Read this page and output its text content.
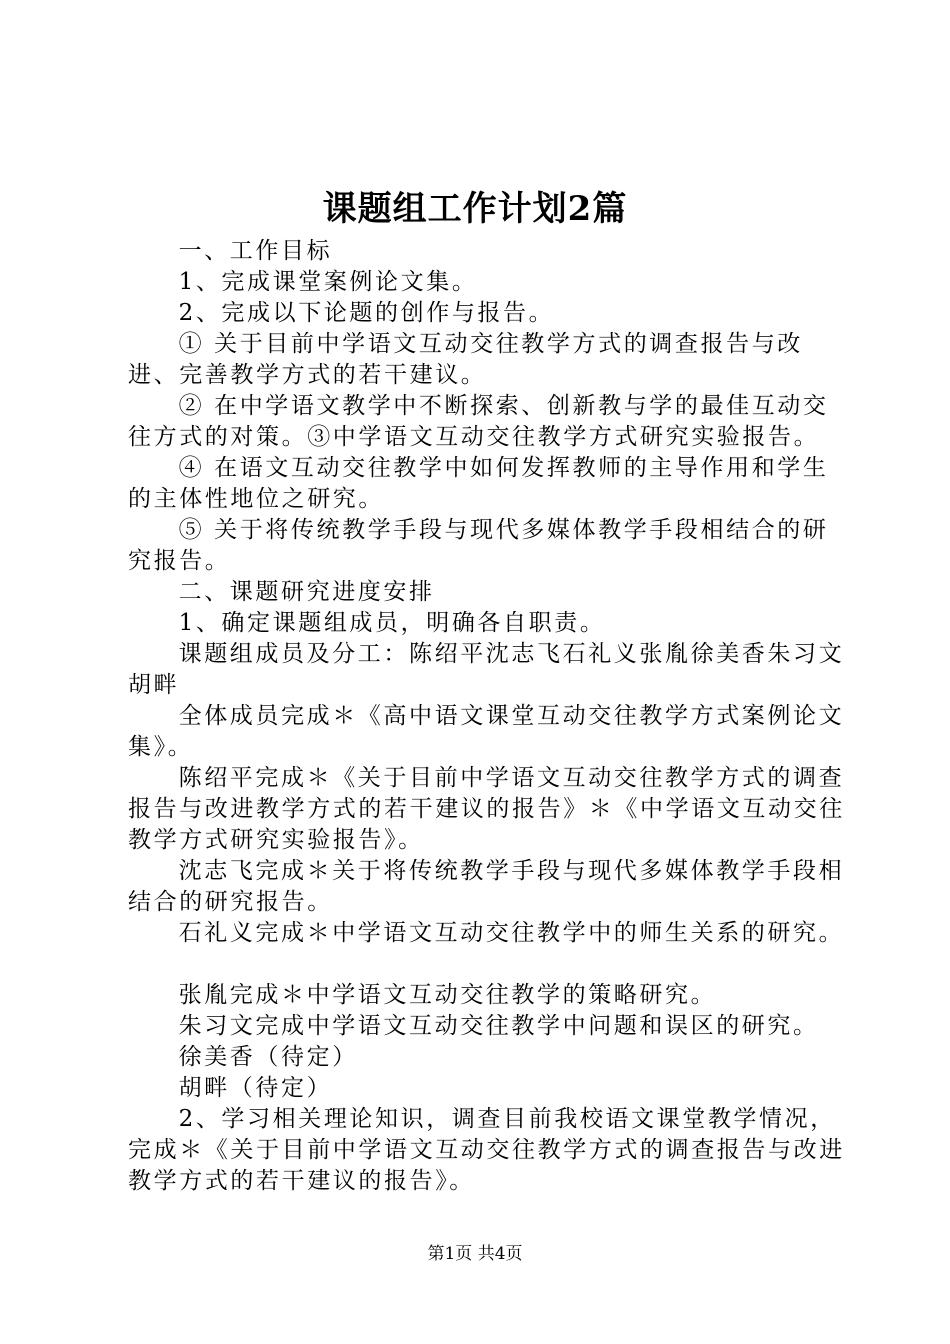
课题组工作计划2篇

一、工作目标

1、完成课堂案例论文集。

2、完成以下论题的创作与报告。

① 关于目前中学语文互动交往教学方式的调查报告与改进、完善教学方式的若干建议。

② 在中学语文教学中不断探索、创新教与学的最佳互动交往方式的对策。③中学语文互动交往教学方式研究实验报告。

④ 在语文互动交往教学中如何发挥教师的主导作用和学生的主体性地位之研究。

⑤ 关于将传统教学手段与现代多媒体教学手段相结合的研究报告。

二、课题研究进度安排

1、确定课题组成员，明确各自职责。

课题组成员及分工：陈绍平沈志飞石礼义张胤徐美香朱习文胡畔

全体成员完成＊《高中语文课堂互动交往教学方式案例论文集》。

陈绍平完成＊《关于目前中学语文互动交往教学方式的调查报告与改进教学方式的若干建议的报告》＊《中学语文互动交往教学方式研究实验报告》。

沈志飞完成＊关于将传统教学手段与现代多媒体教学手段相结合的研究报告。

石礼义完成＊中学语文互动交往教学中的师生关系的研究。

张胤完成＊中学语文互动交往教学的策略研究。

朱习文完成中学语文互动交往教学中问题和误区的研究。

徐美香（待定）

胡畔（待定）

2、学习相关理论知识，调查目前我校语文课堂教学情况，完成＊《关于目前中学语文互动交往教学方式的调查报告与改进教学方式的若干建议的报告》。

第1页 共4页
